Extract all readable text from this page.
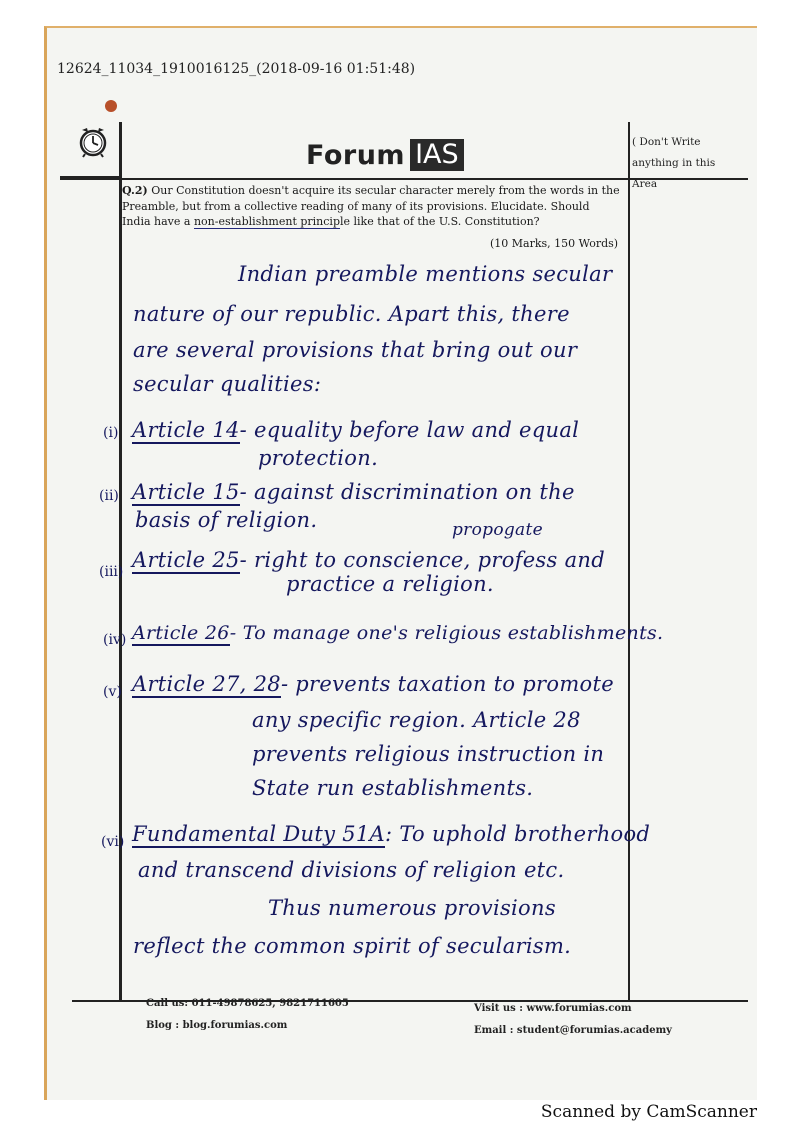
12624_11034_1910016125_(2018-09-16 01:51:48)
Forum IAS	( Don't Write anything in this Area
Q.2) Our Constitution doesn't acquire its secular character merely from the words in the Preamble, but from a collective reading of many of its provisions. Elucidate. Should India have a non-establishment principle like that of the U.S. Constitution?
(10 Marks, 150 Words)
Indian preamble mentions secular
nature of our republic. Apart this, there
are several provisions that bring out our
secular qualities:
(i) Article 14- equality before law and equal
protection.
(ii) Article 15- against discrimination on the
basis of religion.
(iii)
propogate
Article 25- right to conscience, profess and
practice a religion.
(iv) Article 26- To manage one's religious establishments.
(v) Article 27, 28- prevents taxation to promote
any specific region. Article 28
prevents religious instruction in
State run establishments.
(vi) Fundamental Duty 51A: To uphold brotherhood
and transcend divisions of religion etc.
Thus numerous provisions
reflect the common spirit of secularism.
Call us: 011-49878625, 9821711605
Blog : blog.forumias.com
Visit us : www.forumias.com
Email : student@forumias.academy
Scanned by CamScanner
